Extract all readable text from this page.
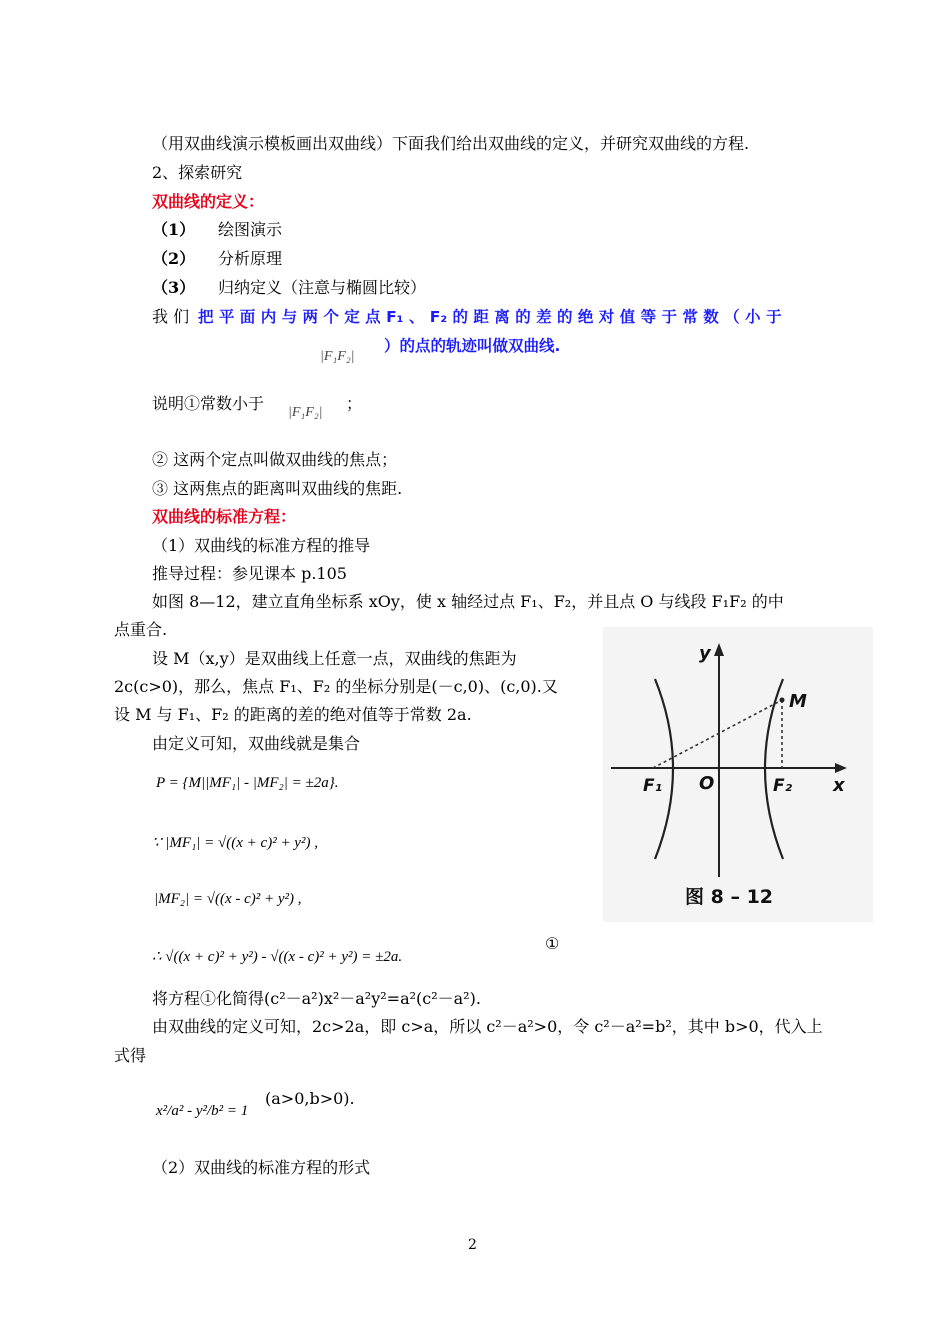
（用双曲线演示模板画出双曲线）下面我们给出双曲线的定义，并研究双曲线的方程.
2、探索研究
双曲线的定义：
（1） 绘图演示
（2） 分析原理
（3） 归纳定义（注意与椭圆比较）
我 们 把 平 面 内 与 两 个 定 点 F₁ 、 F₂ 的 距 离 的 差 的 绝 对 值 等 于 常 数 （ 小 于
|F₁F₂|
）的点的轨迹叫做双曲线.
说明①常数小于 |F₁F₂| ；
② 这两个定点叫做双曲线的焦点；
③ 这两焦点的距离叫双曲线的焦距.
双曲线的标准方程：
（1）双曲线的标准方程的推导
推导过程：参见课本 p.105
如图 8—12，建立直角坐标系 xOy，使 x 轴经过点 F₁、F₂，并且点 O 与线段 F₁F₂ 的中
点重合.
设 M（x,y）是双曲线上任意一点，双曲线的焦距为
2c(c>0)，那么，焦点 F₁、F₂ 的坐标分别是(－c,0)、(c,0).又
设 M 与 F₁、F₂ 的距离的差的绝对值等于常数 2a.
由定义可知，双曲线就是集合
P = {M||MF₁| - |MF₂| = ±2a}.
∵ |MF₁| = √((x + c)² + y²) ,
|MF₂| = √((x - c)² + y²) ,
∴ √((x + c)² + y²) - √((x - c)² + y²) = ±2a.
①
将方程①化简得(c²－a²)x²－a²y²=a²(c²－a²).
由双曲线的定义可知，2c>2a，即 c>a，所以 c²－a²>0，令 c²－a²=b²，其中 b>0，代入上
式得
x²/a² - y²/b² = 1
(a>0,b>0).
（2）双曲线的标准方程的形式
2
y
x
O
M
F₁	F₂
图 8 – 12
